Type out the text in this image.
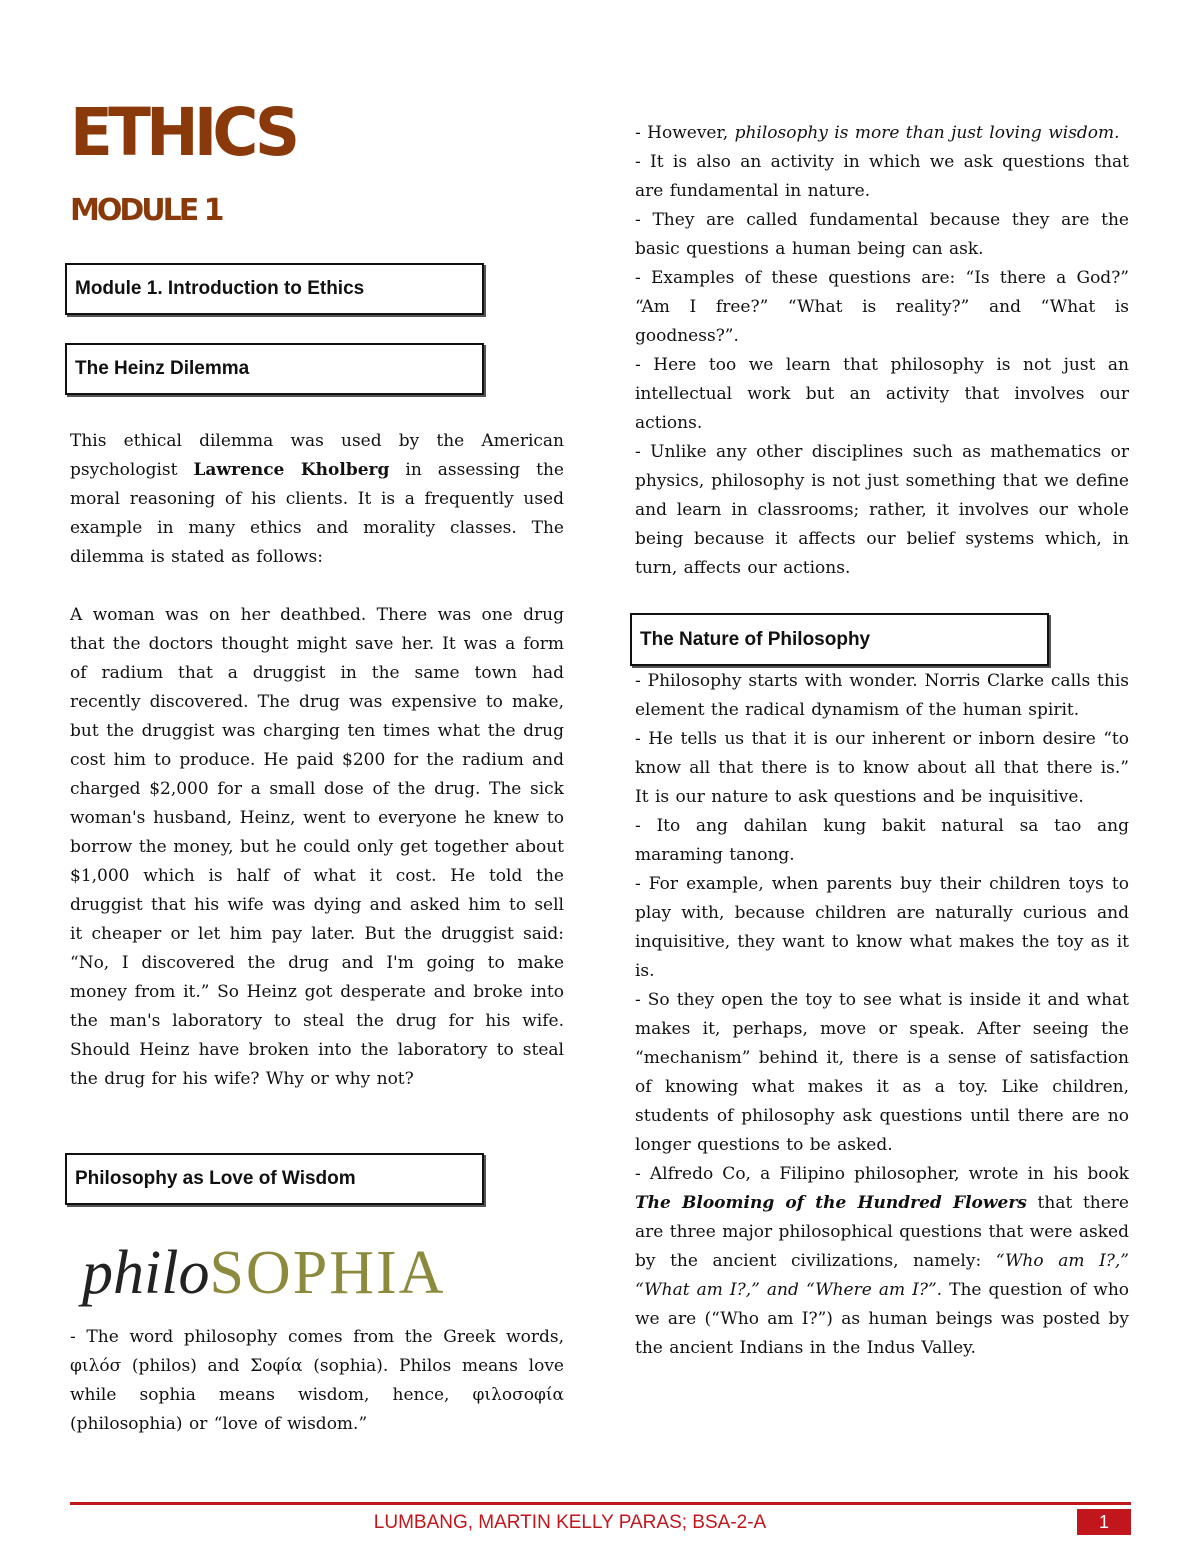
ETHICS
MODULE 1
Module 1. Introduction to Ethics
The Heinz Dilemma

This ethical dilemma was used by the American psychologist Lawrence Kholberg in assessing the moral reasoning of his clients. It is a frequently used example in many ethics and morality classes. The dilemma is stated as follows:

A woman was on her deathbed. There was one drug that the doctors thought might save her. It was a form of radium that a druggist in the same town had recently discovered. The drug was expensive to make, but the druggist was charging ten times what the drug cost him to produce. He paid $200 for the radium and charged $2,000 for a small dose of the drug. The sick woman's husband, Heinz, went to everyone he knew to borrow the money, but he could only get together about $1,000 which is half of what it cost. He told the druggist that his wife was dying and asked him to sell it cheaper or let him pay later. But the druggist said: “No, I discovered the drug and I'm going to make money from it.” So Heinz got desperate and broke into the man's laboratory to steal the drug for his wife. Should Heinz have broken into the laboratory to steal the drug for his wife? Why or why not?

Philosophy as Love of Wisdom
philoSOPHIA

- The word philosophy comes from the Greek words, φιλόσ (philos) and Σοφία (sophia). Philos means love while sophia means wisdom, hence, φιλοσοφία (philosophia) or “love of wisdom.”

- However, philosophy is more than just loving wisdom.

- It is also an activity in which we ask questions that are fundamental in nature.

- They are called fundamental because they are the basic questions a human being can ask.

- Examples of these questions are: “Is there a God?” “Am I free?” “What is reality?” and “What is goodness?”.

- Here too we learn that philosophy is not just an intellectual work but an activity that involves our actions.

- Unlike any other disciplines such as mathematics or physics, philosophy is not just something that we define and learn in classrooms; rather, it involves our whole being because it affects our belief systems which, in turn, affects our actions.

The Nature of Philosophy

- Philosophy starts with wonder. Norris Clarke calls this element the radical dynamism of the human spirit.

- He tells us that it is our inherent or inborn desire “to know all that there is to know about all that there is.” It is our nature to ask questions and be inquisitive.

- Ito ang dahilan kung bakit natural sa tao ang maraming tanong.

- For example, when parents buy their children toys to play with, because children are naturally curious and inquisitive, they want to know what makes the toy as it is.

- So they open the toy to see what is inside it and what makes it, perhaps, move or speak. After seeing the “mechanism” behind it, there is a sense of satisfaction of knowing what makes it as a toy. Like children, students of philosophy ask questions until there are no longer questions to be asked.

- Alfredo Co, a Filipino philosopher, wrote in his book The Blooming of the Hundred Flowers that there are three major philosophical questions that were asked by the ancient civilizations, namely: “Who am I?,” “What am I?,” and “Where am I?”. The question of who we are (“Who am I?”) as human beings was posted by the ancient Indians in the Indus Valley.

LUMBANG, MARTIN KELLY PARAS; BSA-2-A	1
